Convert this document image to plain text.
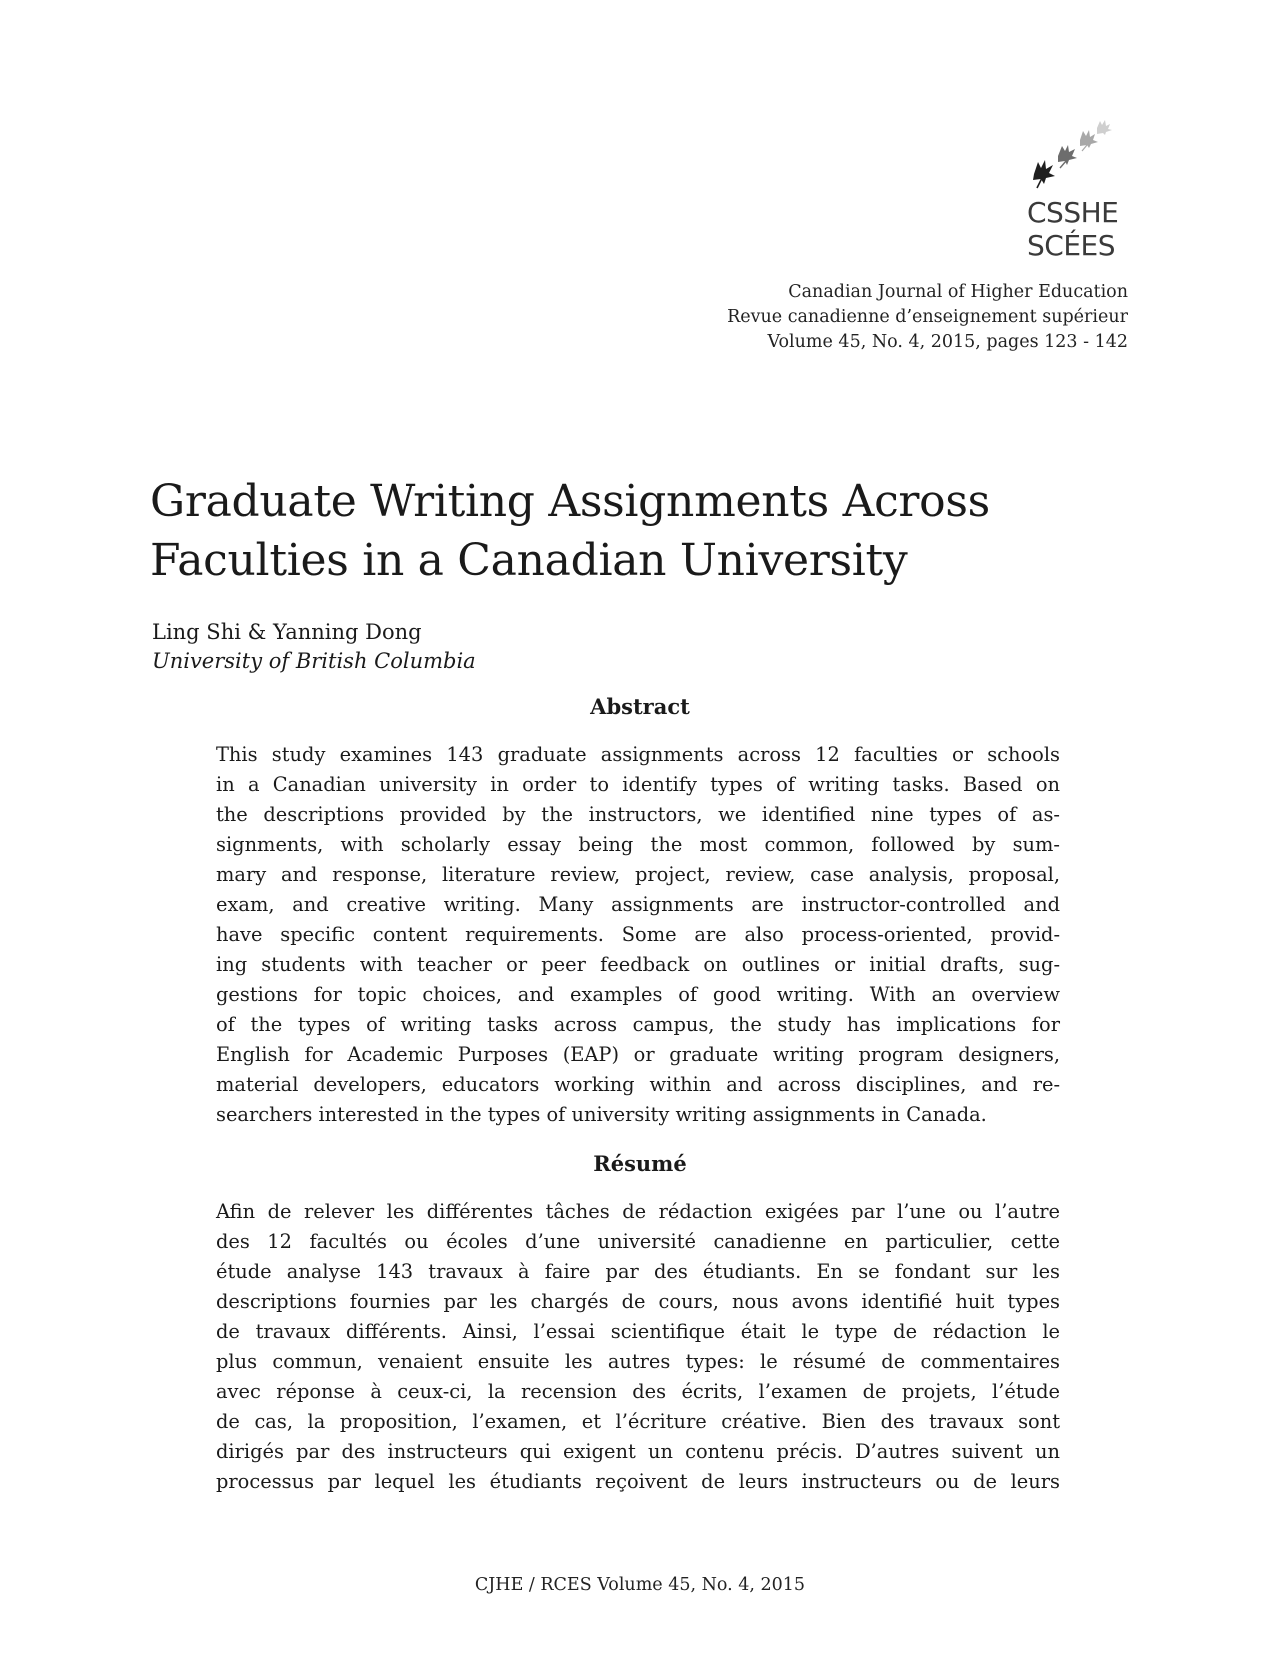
CSSHE
SCÉES
Canadian Journal of Higher Education
Revue canadienne d’enseignement supérieur
Volume 45, No. 4, 2015, pages 123 - 142
Graduate Writing Assignments Across
Faculties in a Canadian University
Ling Shi & Yanning Dong
University of British Columbia
Abstract
This study examines 143 graduate assignments across 12 faculties or schools
in a Canadian university in order to identify types of writing tasks. Based on
the descriptions provided by the instructors, we identified nine types of as-
signments, with scholarly essay being the most common, followed by sum-
mary and response, literature review, project, review, case analysis, proposal,
exam, and creative writing. Many assignments are instructor-controlled and
have specific content requirements. Some are also process-oriented, provid-
ing students with teacher or peer feedback on outlines or initial drafts, sug-
gestions for topic choices, and examples of good writing. With an overview
of the types of writing tasks across campus, the study has implications for
English for Academic Purposes (EAP) or graduate writing program designers,
material developers, educators working within and across disciplines, and re-
searchers interested in the types of university writing assignments in Canada.
Résumé
Afin de relever les différentes tâches de rédaction exigées par l’une ou l’autre
des 12 facultés ou écoles d’une université canadienne en particulier, cette
étude analyse 143 travaux à faire par des étudiants. En se fondant sur les
descriptions fournies par les chargés de cours, nous avons identifié huit types
de travaux différents. Ainsi, l’essai scientifique était le type de rédaction le
plus commun, venaient ensuite les autres types: le résumé de commentaires
avec réponse à ceux-ci, la recension des écrits, l’examen de projets, l’étude
de cas, la proposition, l’examen, et l’écriture créative. Bien des travaux sont
dirigés par des instructeurs qui exigent un contenu précis. D’autres suivent un
processus par lequel les étudiants reçoivent de leurs instructeurs ou de leurs
CJHE / RCES Volume 45, No. 4, 2015
